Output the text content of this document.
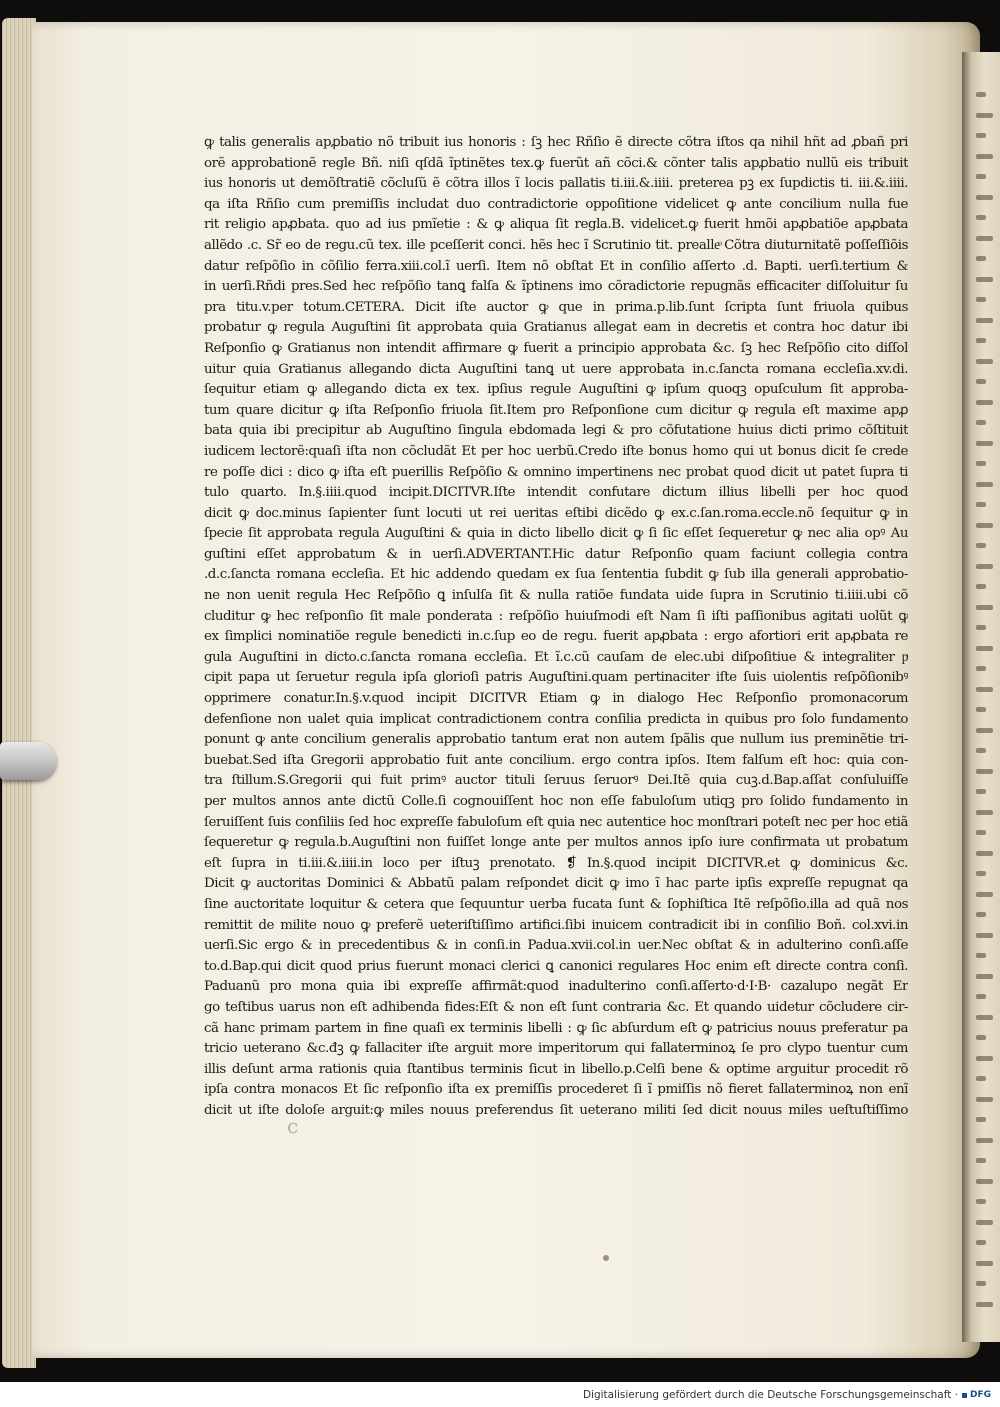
ꝙ talis generalis apꝓbatio nõ tribuit ius honoris : ſꝫ hec Rñſio ẽ directe cõtra iſtos qa nihil hñt ad ꝓbañ pri
orẽ approbationẽ regle Bñ. niſi qſdã ĩptinẽtes tex.ꝙ fuerũt añ cõci.& cõnter talis apꝓbatio nullũ eis tribuit
ius honoris ut demõſtratiẽ cõcluſũ ẽ cõtra illos ĩ locis pallatis ti.iii.&.iiii. preterea pꝫ ex ſupdictis ti. iii.&.iiii.
qa iſta Rñſio cum premiſſis includat duo contradictorie oppoſitione videlicet ꝙ ante concilium nulla fue
rit religio apꝓbata. quo ad ius pmĩetie : & ꝙ aliqua ſit regla.B. videlicet.ꝙ fuerit hmõi apꝓbatiõe apꝓbata
allẽdo .c. Sr̃ eo de regu.cũ tex. ille pceſſerit conci. hẽs hec ĩ Scrutinio tit. prealleͦ Cõtra diuturnitatẽ poſſeſſiõis
datur reſpõſio in cõſilio ferra.xiii.col.ĩ uerſi. Item nõ obſtat Et in conſilio aſſerto .d. Bapti. uerſi.tertium &
in uerſi.Rñdi pres.Sed hec reſpõſio tanꝗ falſa & ĩptinens imo cõradictorie repugnãs efficaciter diſſoluitur ſu
pra titu.v.per totum.CETERA. Dicit iſte auctor ꝙ que in prima.p.lib.ſunt ſcripta ſunt friuola quibus
probatur ꝙ regula Auguſtini ſit approbata quia Gratianus allegat eam in decretis et contra hoc datur ibi
Reſponſio ꝙ Gratianus non intendit affirmare ꝙ fuerit a principio approbata &c. ſꝫ hec Reſpõſio cito diſſol
uitur quia Gratianus allegando dicta Auguſtini tanꝗ ut uere approbata in.c.ſancta romana eccleſia.xv.di.
ſequitur etiam ꝙ allegando dicta ex tex. ipſius regule Auguſtini ꝙ ipſum quoqꝫ opuſculum ſit approba-
tum quare dicitur ꝙ iſta Reſponſio friuola ſit.Item pro Reſponſione cum dicitur ꝙ regula eſt maxime apꝓ
bata quia ibi precipitur ab Auguſtino ſingula ebdomada legi & pro cõfutatione huius dicti primo cõſtituit
iudicem lectorẽ:quaſi iſta non cõcludãt Et per hoc uerbũ.Credo iſte bonus homo qui ut bonus dicit ſe crede
re poſſe dici : dico ꝙ iſta eſt puerillis Reſpõſio & omnino impertinens nec probat quod dicit ut patet ſupra ti
tulo quarto. In.§.iiii.quod incipit.DICITVR.Iſte intendit confutare dictum illius libelli per hoc quod
dicit ꝙ doc.minus ſapienter ſunt locuti ut rei ueritas eſtibi dicẽdo ꝙ ex.c.ſan.roma.eccle.nõ ſequitur ꝙ in
ſpecie ſit approbata regula Auguſtini & quia in dicto libello dicit ꝙ ſi ſic eſſet ſequeretur ꝙ nec alia opꝰ Au
guſtini eſſet approbatum & in uerſi.ADVERTANT.Hic datur Reſponſio quam faciunt collegia contra
.d.c.ſancta romana eccleſia. Et hic addendo quedam ex ſua ſententia ſubdit ꝙ ſub illa generali approbatio-
ne non uenit regula Hec Reſpõſio ꝗ inſulſa ſit & nulla ratiõe fundata uide ſupra in Scrutinio ti.iiii.ubi cõ
cluditur ꝙ hec reſponſio ſit male ponderata : reſpõſio huiuſmodi eſt Nam ſi iſti paſſionibus agitati uolũt ꝙ
ex ſimplici nominatiõe regule benedicti in.c.ſup eo de regu. fuerit apꝓbata : ergo afortiori erit apꝓbata re
gula Auguſtini in dicto.c.ſancta romana eccleſia. Et ĩ.c.cũ cauſam de elec.ubi diſpoſitiue & integraliter pͤ
cipit papa ut ſeruetur regula ipſa glorioſi patris Auguſtini.quam pertinaciter iſte ſuis uiolentis reſpõſionibꝰ
opprimere conatur.In.§.v.quod incipit DICITVR Etiam ꝙ in dialogo Hec Reſponſio promonacorum
defenſione non ualet quia implicat contradictionem contra conſilia predicta in quibus pro ſolo fundamento
ponunt ꝙ ante concilium generalis approbatio tantum erat non autem ſpãlis que nullum ius preminẽtie tri-
buebat.Sed iſta Gregorii approbatio fuit ante concilium. ergo contra ipſos. Item falſum eſt hoc: quia con-
tra ſtillum.S.Gregorii qui fuit primꝰ auctor tituli ſeruus ſeruorꝰ Dei.Itẽ quia cuꝫ.d.Bap.aſſat conſuluiſſe
per multos annos ante dictũ Colle.ſi cognouiſſent hoc non eſſe fabuloſum utiqꝫ pro ſolido fundamento in
ſeruiſſent ſuis conſiliis ſed hoc expreſſe fabuloſum eſt quia nec autentice hoc monſtrari poteſt nec per hoc etiã
ſequeretur ꝙ regula.b.Auguſtini non fuiſſet longe ante per multos annos ipſo iure confirmata ut probatum
eſt ſupra in ti.iii.&.iiii.in loco per iſtuꝫ prenotato. ❡ In.§.quod incipit DICITVR.et ꝙ dominicus &c.
Dicit ꝙ auctoritas Dominici & Abbatũ palam reſpondet dicit ꝙ imo ĩ hac parte ipſis expreſſe repugnat qa
ſine auctoritate loquitur & cetera que ſequuntur uerba fucata ſunt & ſophiſtica Itẽ reſpõſio.illa ad quã nos
remittit de milite nouo ꝙ preferẽ ueteriſtiſſimo artifici.ſibi inuicem contradicit ibi in conſilio Boñ. col.xvi.in
uerſi.Sic ergo & in precedentibus & in conſi.in Padua.xvii.col.in uer.Nec obſtat & in adulterino conſi.aſſe
to.d.Bap.qui dicit quod prius fuerunt monaci clerici ꝗ canonici regulares Hoc enim eſt directe contra conſi.
Paduanũ pro mona quia ibi expreſſe affirmãt:quod inadulterino conſi.aſſerto·d·I·B· cazalupo negãt Er
go teſtibus uarus non eſt adhibenda fides:Eſt & non eſt ſunt contraria &c. Et quando uidetur cõcludere cir-
cã hanc primam partem in fine quaſi ex terminis libelli : ꝙ ſic abſurdum eſt ꝙ patricius nouus preferatur pa
tricio ueterano &c.đꝫ ꝙ fallaciter iſte arguit more imperitorum qui fallaterminoꝝ ſe pro clypo tuentur cum
illis deſunt arma rationis quia ſtantibus terminis ſicut in libello.p.Celſi bene & optime arguitur procedit rõ
ipſa contra monacos Et ſic reſponſio iſta ex premiſſis procederet ſi ĩ pmiſſis nõ fieret fallaterminoꝝ non enĩ
dicit ut iſte doloſe arguit:ꝙ miles nouus preferendus ſit ueterano militi ſed dicit nouus miles ueſtuſtiſſimo
c
Digitalisierung gefördert durch die Deutsche Forschungsgemeinschaft · DFG
